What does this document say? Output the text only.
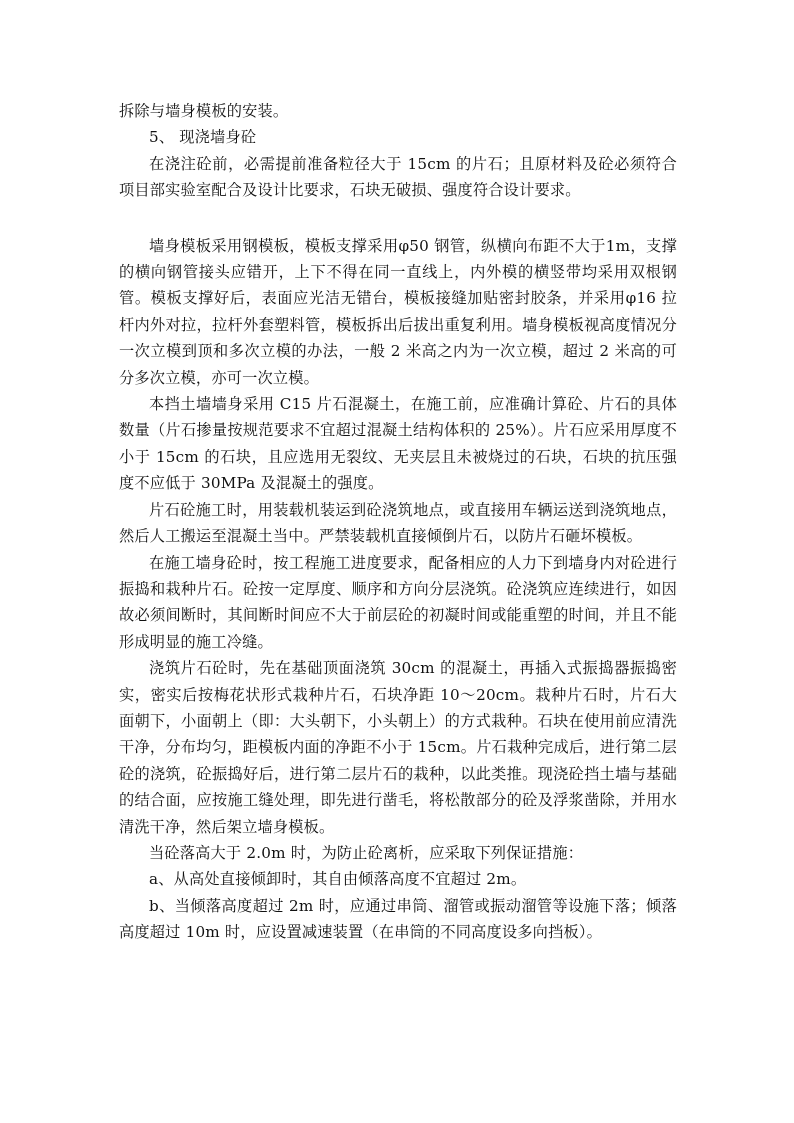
拆除与墙身模板的安装。

5、 现浇墙身砼

在浇注砼前，必需提前准备粒径大于 15cm 的片石；且原材料及砼必须符合项目部实验室配合及设计比要求，石块无破损、强度符合设计要求。

墙身模板采用钢模板，模板支撑采用φ50 钢管，纵横向布距不大于1m，支撑的横向钢管接头应错开，上下不得在同一直线上，内外模的横竖带均采用双根钢管。模板支撑好后，表面应光洁无错台，模板接缝加贴密封胶条，并采用φ16 拉杆内外对拉，拉杆外套塑料管，模板拆出后拔出重复利用。墙身模板视高度情况分一次立模到顶和多次立模的办法，一般 2 米高之内为一次立模，超过 2 米高的可分多次立模，亦可一次立模。

本挡土墙墙身采用 C15 片石混凝土，在施工前，应准确计算砼、片石的具体数量（片石掺量按规范要求不宜超过混凝土结构体积的 25%）。片石应采用厚度不小于 15cm 的石块，且应选用无裂纹、无夹层且未被烧过的石块，石块的抗压强度不应低于 30MPa 及混凝土的强度。

片石砼施工时，用装载机装运到砼浇筑地点，或直接用车辆运送到浇筑地点，然后人工搬运至混凝土当中。严禁装载机直接倾倒片石，以防片石砸坏模板。

在施工墙身砼时，按工程施工进度要求，配备相应的人力下到墙身内对砼进行振捣和栽种片石。砼按一定厚度、顺序和方向分层浇筑。砼浇筑应连续进行，如因故必须间断时，其间断时间应不大于前层砼的初凝时间或能重塑的时间，并且不能形成明显的施工冷缝。

浇筑片石砼时，先在基础顶面浇筑 30cm 的混凝土，再插入式振捣器振捣密实，密实后按梅花状形式栽种片石，石块净距 10～20cm。栽种片石时，片石大面朝下，小面朝上（即：大头朝下，小头朝上）的方式栽种。石块在使用前应清洗干净，分布均匀，距模板内面的净距不小于 15cm。片石栽种完成后，进行第二层砼的浇筑，砼振捣好后，进行第二层片石的栽种，以此类推。现浇砼挡土墙与基础的结合面，应按施工缝处理，即先进行凿毛，将松散部分的砼及浮浆凿除，并用水清洗干净，然后架立墙身模板。

当砼落高大于 2.0m 时，为防止砼离析，应采取下列保证措施：

a、从高处直接倾卸时，其自由倾落高度不宜超过 2m。

b、当倾落高度超过 2m 时，应通过串筒、溜管或振动溜管等设施下落；倾落高度超过 10m 时，应设置减速装置（在串筒的不同高度设多向挡板）。
